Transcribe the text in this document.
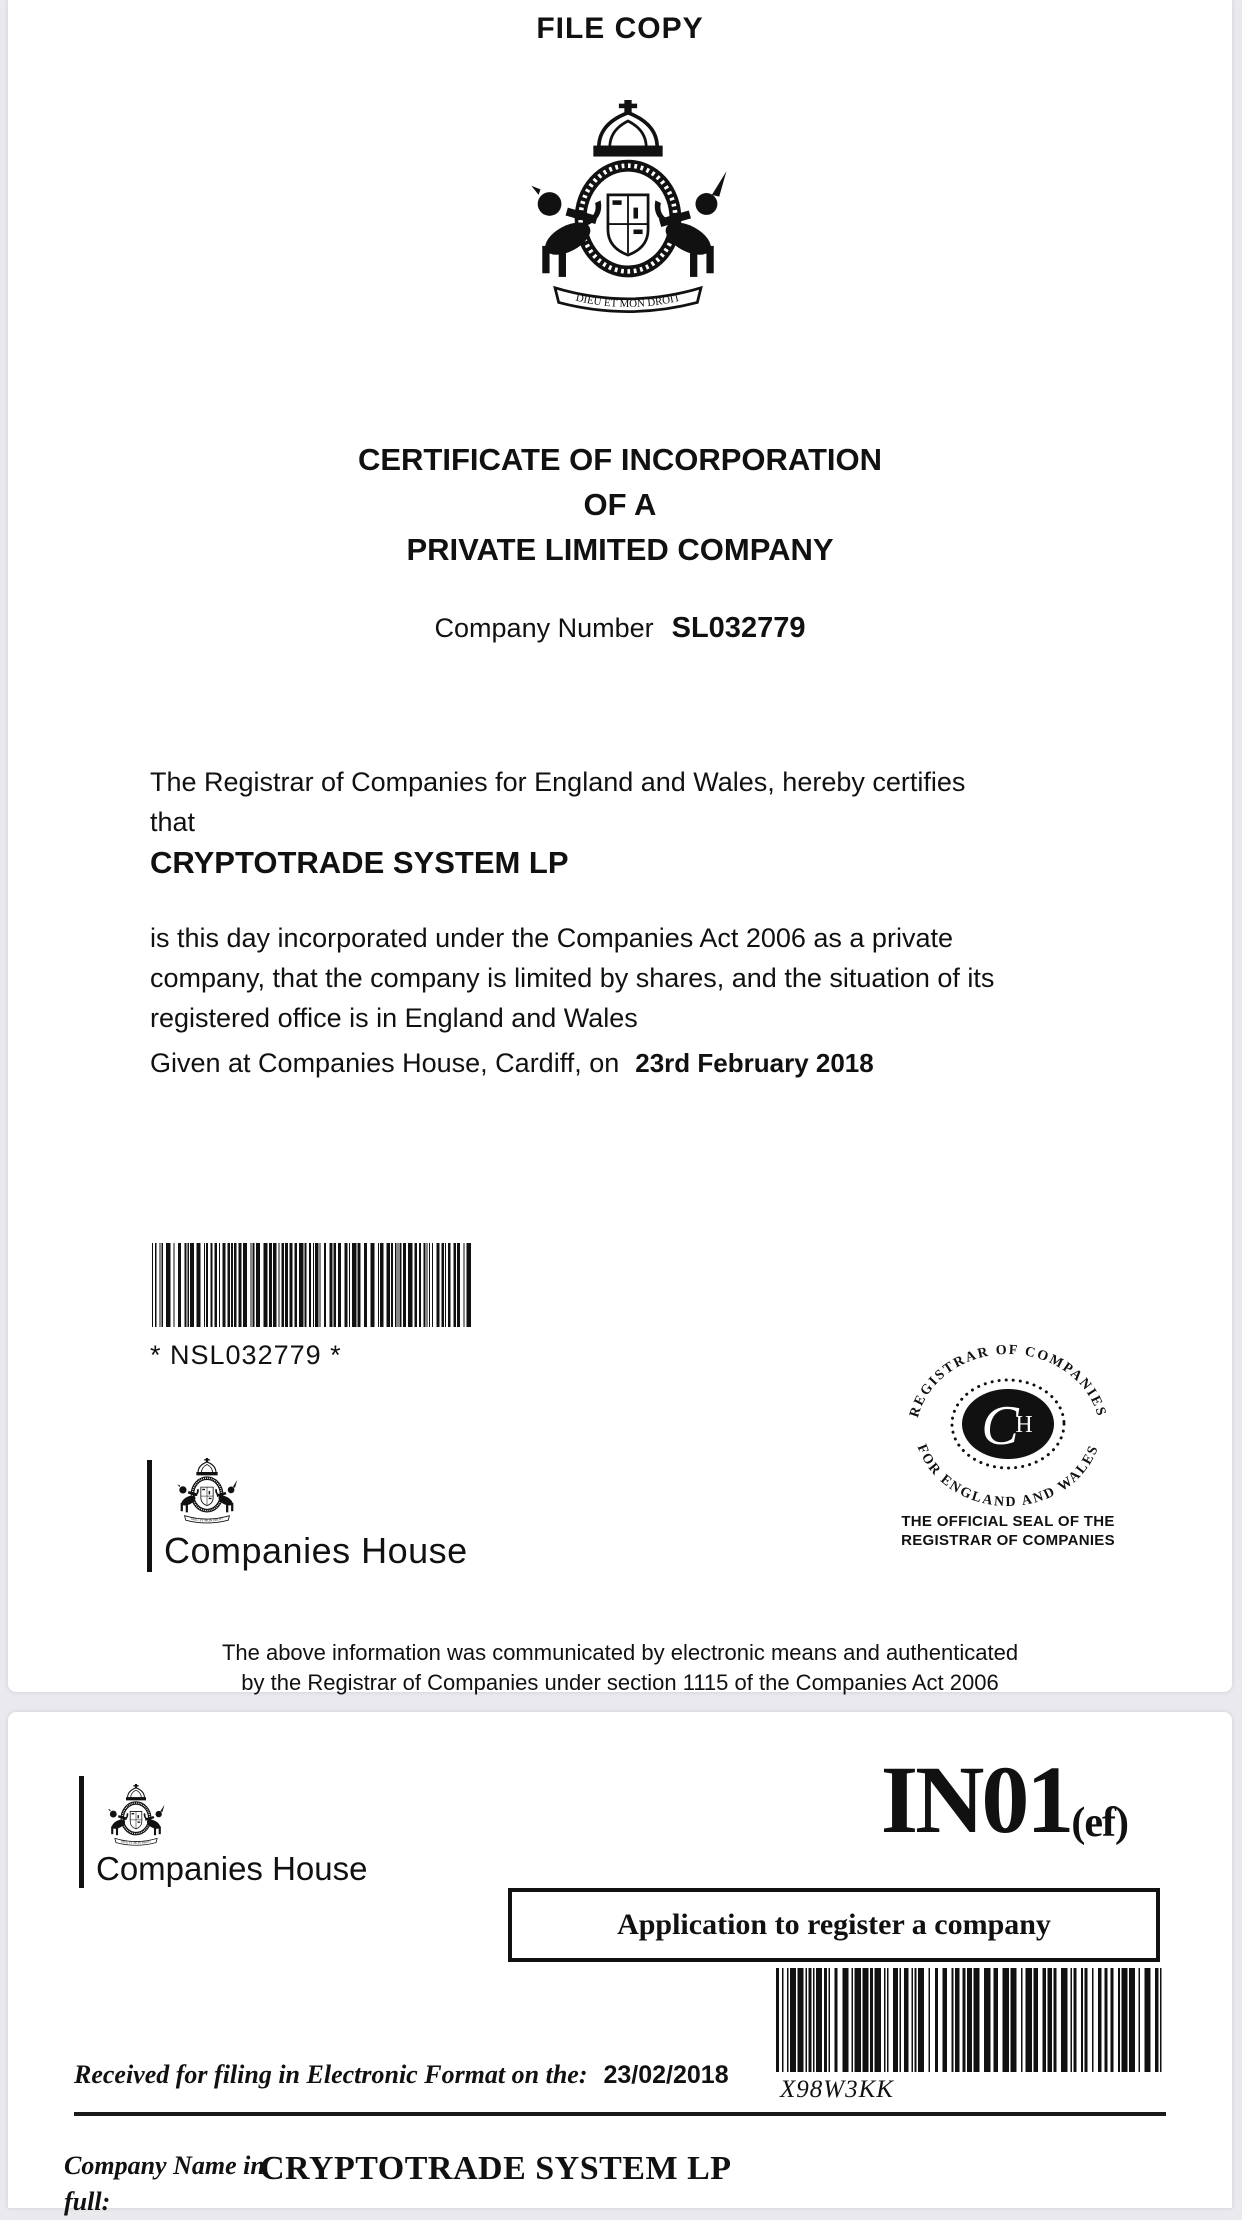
FILE COPY
CERTIFICATE OF INCORPORATION
OF A
PRIVATE LIMITED COMPANY
Company Number SL032779
The Registrar of Companies for England and Wales, hereby certifies that
CRYPTOTRADE SYSTEM LP
is this day incorporated under the Companies Act 2006 as a private company, that the company is limited by shares, and the situation of its registered office is in England and Wales
Given at Companies House, Cardiff, on 23rd February 2018
* NSL032779 *
Companies House
REGISTRAR OF COMPANIES
FOR ENGLAND AND WALES
C
H
THE OFFICIAL SEAL OF THE
REGISTRAR OF COMPANIES
The above information was communicated by electronic means and authenticated
by the Registrar of Companies under section 1115 of the Companies Act 2006
Companies House
IN01(ef)
Application to register a company
X98W3KK
Received for filing in Electronic Format on the: 23/02/2018
Company Name in full:
CRYPTOTRADE SYSTEM LP
